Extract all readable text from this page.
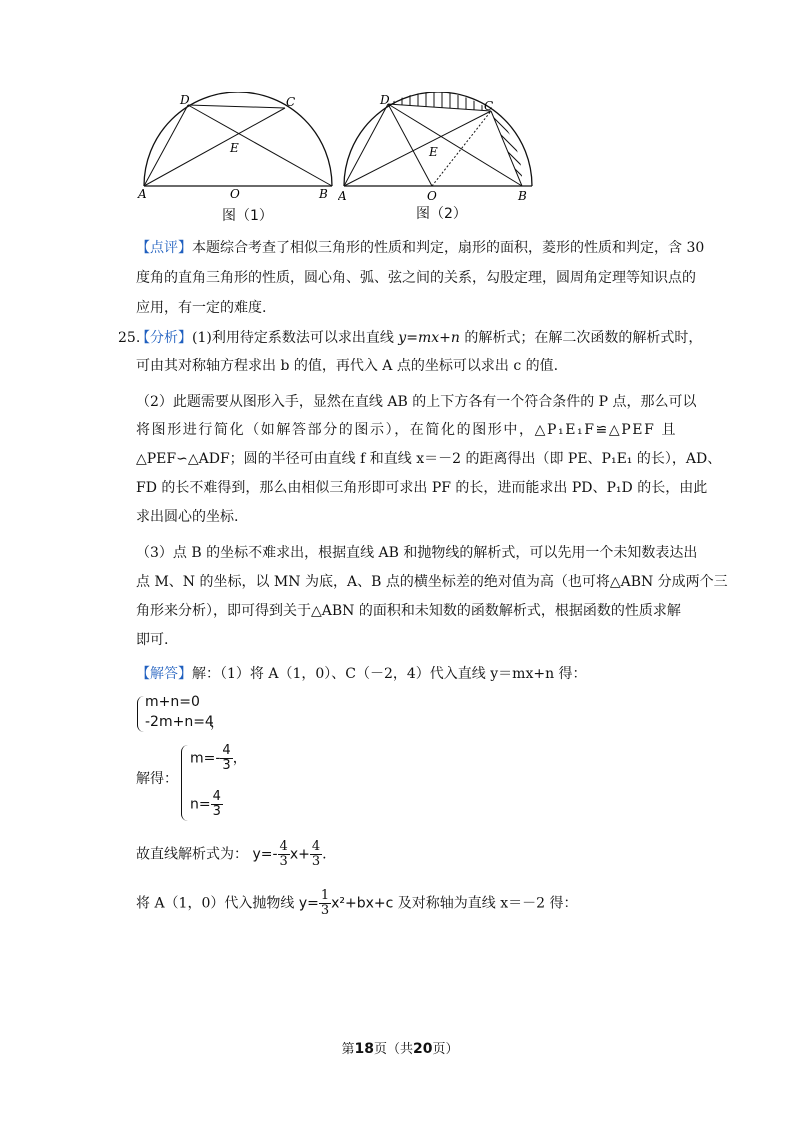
D	C
E
A	O	B
图（1）
D	C
E
A	O	B
图（2）
【点评】本题综合考查了相似三角形的性质和判定，扇形的面积，菱形的性质和判定，含 30
度角的直角三角形的性质，圆心角、弧、弦之间的关系，勾股定理，圆周角定理等知识点的
应用，有一定的难度.
25.
【分析】(1)利用待定系数法可以求出直线 y=mx+n 的解析式；在解二次函数的解析式时，
可由其对称轴方程求出 b 的值，再代入 A 点的坐标可以求出 c 的值.
（2）此题需要从图形入手，显然在直线 AB 的上下方各有一个符合条件的 P 点，那么可以
将图形进行简化（如解答部分的图示），在简化的图形中，△P₁E₁F≌△PEF 且
△PEF∽△ADF；圆的半径可由直线 f 和直线 x＝－2 的距离得出（即 PE、P₁E₁ 的长），AD、
FD 的长不难得到，那么由相似三角形即可求出 PF 的长，进而能求出 PD、P₁D 的长，由此
求出圆心的坐标.
（3）点 B 的坐标不难求出，根据直线 AB 和抛物线的解析式，可以先用一个未知数表达出
点 M、N 的坐标，以 MN 为底，A、B 点的横坐标差的绝对值为高（也可将△ABN 分成两个三
角形来分析），即可得到关于△ABN 的面积和未知数的函数解析式，根据函数的性质求解
即可.
【解答】解：（1）将 A（1，0）、C（－2，4）代入直线 y＝mx+n 得：
m+n=0
-2m+n=4
，
解得：
$m=- \frac{4}{3}$ ，
$n= \frac{4}{3}$
故直线解析式为： $y=- \frac{4}{3} x+ \frac{4}{3}$ .
将 A（1，0）代入抛物线 $y= \frac{1}{3} x^2+bx+c$ 及对称轴为直线 x＝－2 得：
第18页（共20页）
